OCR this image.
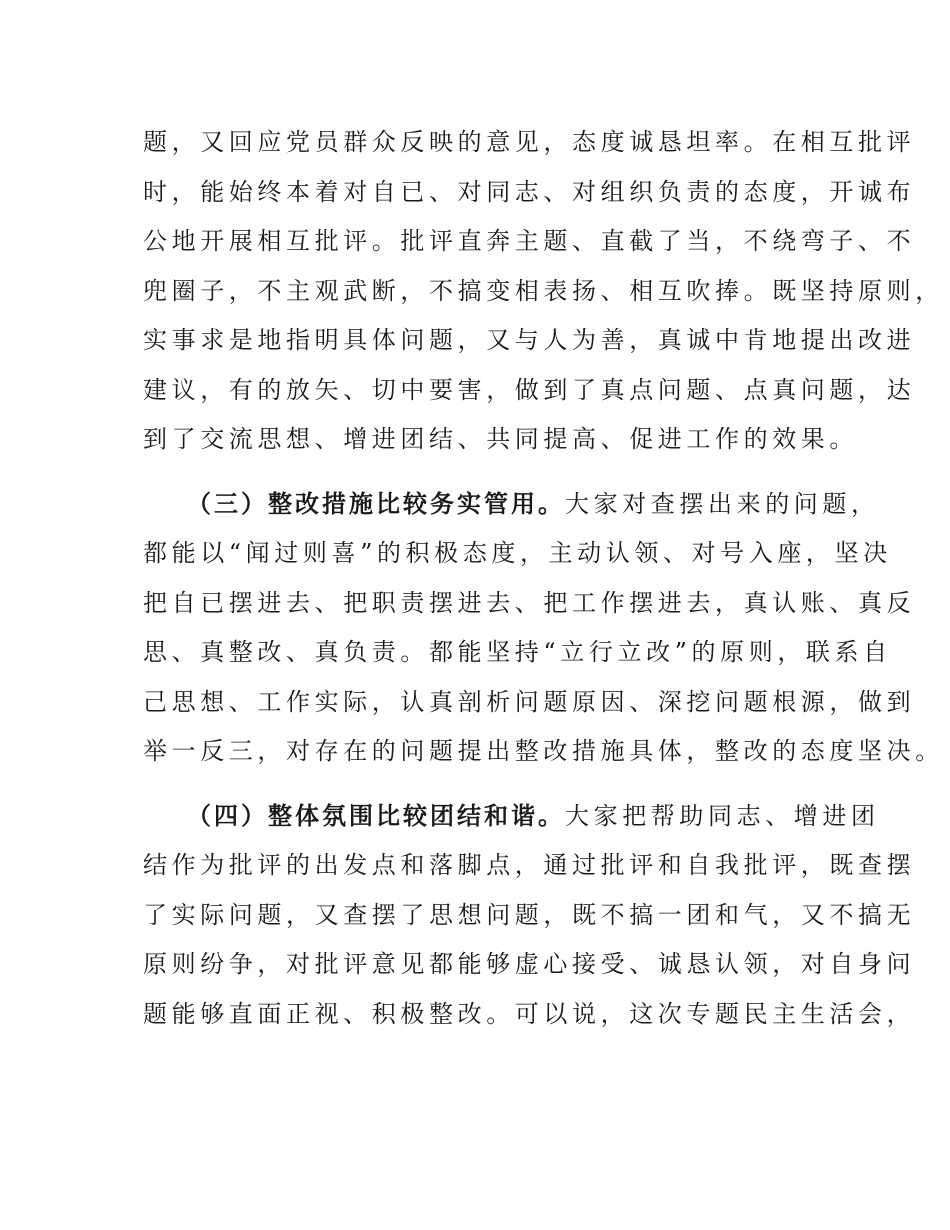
题，又回应党员群众反映的意见，态度诚恳坦率。在相互批评
时，能始终本着对自已、对同志、对组织负责的态度，开诚布
公地开展相互批评。批评直奔主题、直截了当，不绕弯子、不
兜圈子，不主观武断，不搞变相表扬、相互吹捧。既坚持原则，
实事求是地指明具体问题，又与人为善，真诚中肯地提出改进
建议，有的放矢、切中要害，做到了真点问题、点真问题，达
到了交流思想、增进团结、共同提高、促进工作的效果。
（三）整改措施比较务实管用。大家对查摆出来的问题，
都能以“闻过则喜”的积极态度，主动认领、对号入座，坚决
把自已摆进去、把职责摆进去、把工作摆进去，真认账、真反
思、真整改、真负责。都能坚持“立行立改”的原则，联系自
己思想、工作实际，认真剖析问题原因、深挖问题根源，做到
举一反三，对存在的问题提出整改措施具体，整改的态度坚决。
（四）整体氛围比较团结和谐。大家把帮助同志、增进团
结作为批评的出发点和落脚点，通过批评和自我批评，既查摆
了实际问题，又查摆了思想问题，既不搞一团和气，又不搞无
原则纷争，对批评意见都能够虚心接受、诚恳认领，对自身问
题能够直面正视、积极整改。可以说，这次专题民主生活会，
